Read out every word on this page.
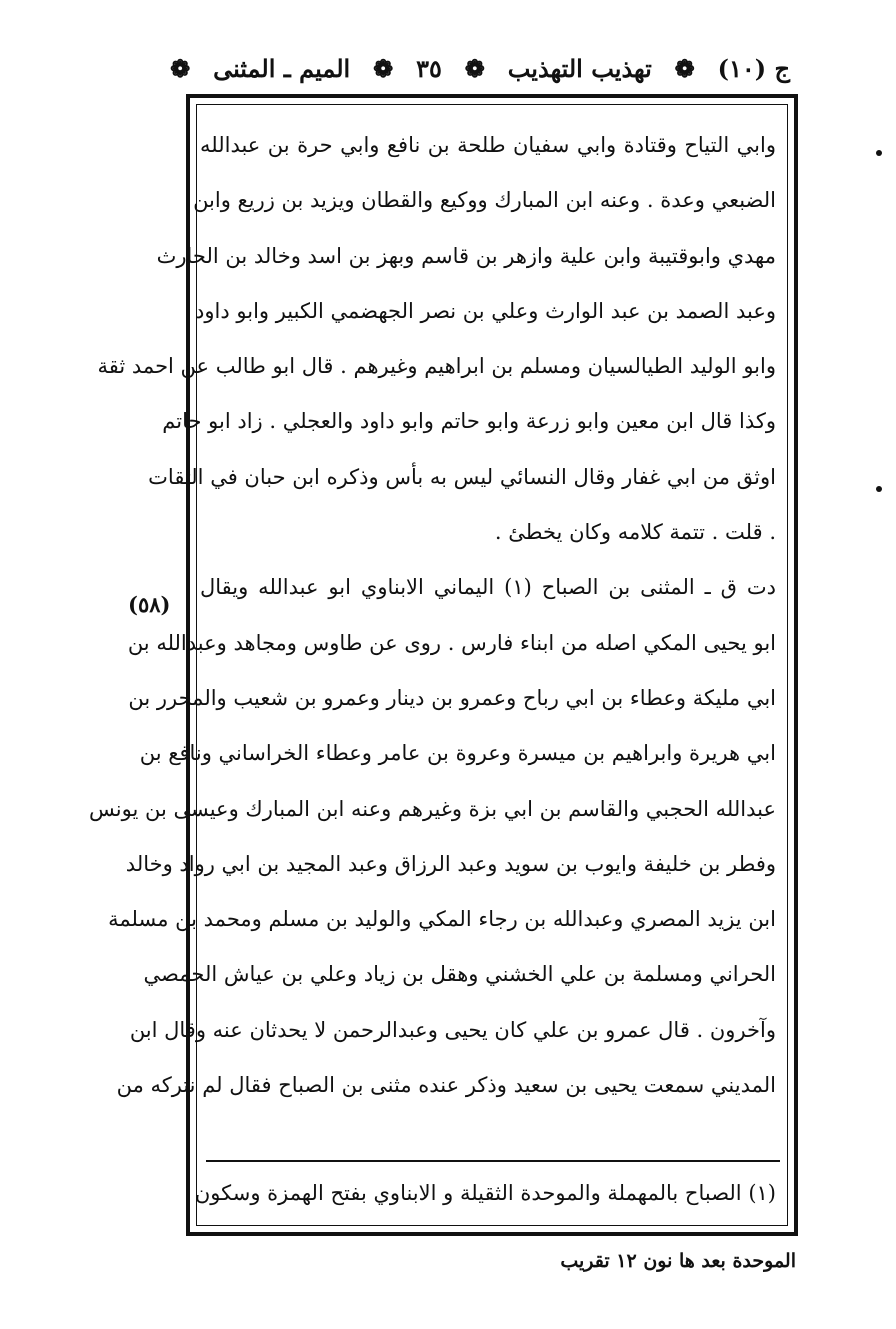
ج (١٠)
❁
تهذيب التهذيب
❁
٣٥
❁
الميم ـ المثنى
❁
(٥٨)
وابي التياح وقتادة وابي سفيان طلحة بن نافع وابي حرة بن عبدالله
الضبعي وعدة . وعنه ابن المبارك ووكيع والقطان ويزيد بن زريع وابن
مهدي وابوقتيبة وابن علية وازهر بن قاسم وبهز بن اسد وخالد بن الحارث
وعبد الصمد بن عبد الوارث وعلي بن نصر الجهضمي الكبير وابو داود
وابو الوليد الطيالسيان ومسلم بن ابراهيم وغيرهم . قال ابو طالب عن احمد ثقة
وكذا قال ابن معين وابو زرعة وابو حاتم وابو داود والعجلي . زاد ابو حاتم
اوثق من ابي غفار وقال النسائي ليس به بأس وذكره ابن حبان في الثقات
. قلت . تتمة كلامه وكان يخطئ .
دت ق ـ المثنى بن الصباح (١) اليماني الابناوي ابو عبدالله ويقال
ابو يحيى المكي اصله من ابناء فارس . روى عن طاوس ومجاهد وعبدالله بن
ابي مليكة وعطاء بن ابي رباح وعمرو بن دينار وعمرو بن شعيب والمحرر بن
ابي هريرة وابراهيم بن ميسرة وعروة بن عامر وعطاء الخراساني ونافع بن
عبدالله الحجبي والقاسم بن ابي بزة وغيرهم وعنه ابن المبارك وعيسى بن يونس
وفطر بن خليفة وايوب بن سويد وعبد الرزاق وعبد المجيد بن ابي رواد وخالد
ابن يزيد المصري وعبدالله بن رجاء المكي والوليد بن مسلم ومحمد بن مسلمة
الحراني ومسلمة بن علي الخشني وهقل بن زياد وعلي بن عياش الحمصي
وآخرون . قال عمرو بن علي كان يحيى وعبدالرحمن لا يحدثان عنه وقال ابن
المديني سمعت يحيى بن سعيد وذكر عنده مثنى بن الصباح فقال لم نتركه من
(١) الصباح بالمهملة والموحدة الثقيلة و الابناوي بفتح الهمزة وسكون
الموحدة بعد ها نون ١٢ تقريب
